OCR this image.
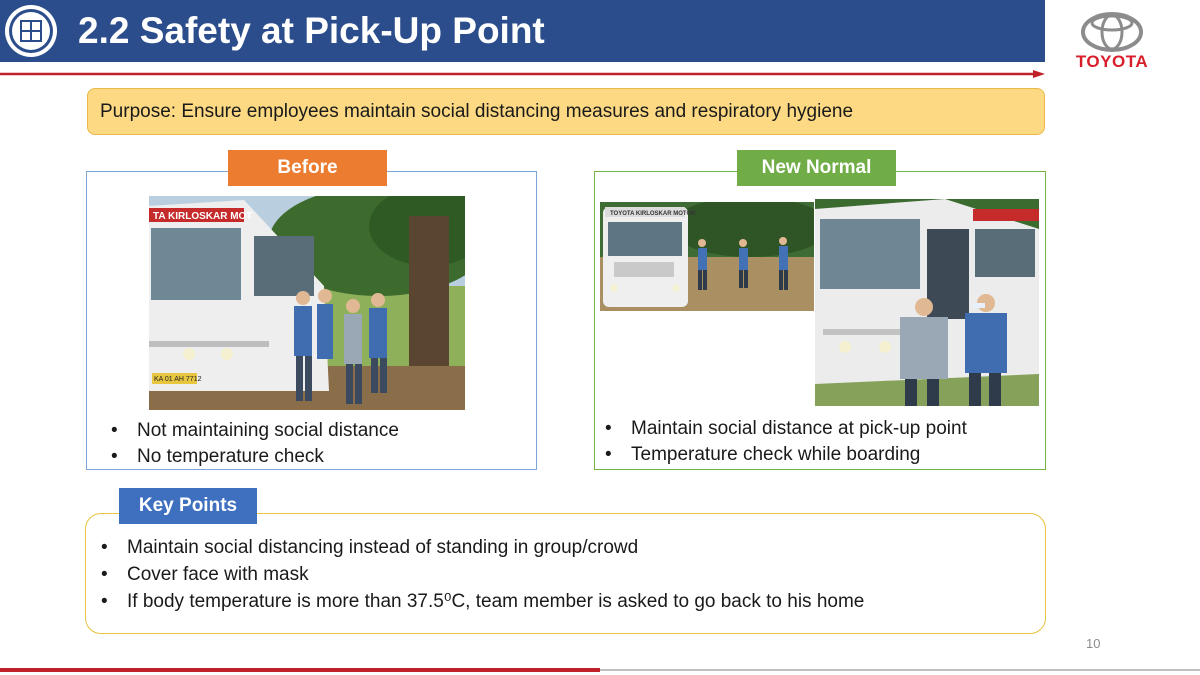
2.2 Safety at Pick-Up Point
TOYOTA
Purpose: Ensure employees maintain social distancing measures and respiratory hygiene
Before
TA KIRLOSKAR MOT
KA 01 AH 7712
• Not maintaining social distance
• No temperature check
New Normal
TOYOTA KIRLOSKAR MOTOR
• Maintain social distance at pick-up point
• Temperature check while boarding
Key Points
• Maintain social distancing instead of standing in group/crowd
• Cover face with mask
• If body temperature is more than 37.5⁰C, team member is asked to go back to his home
10
